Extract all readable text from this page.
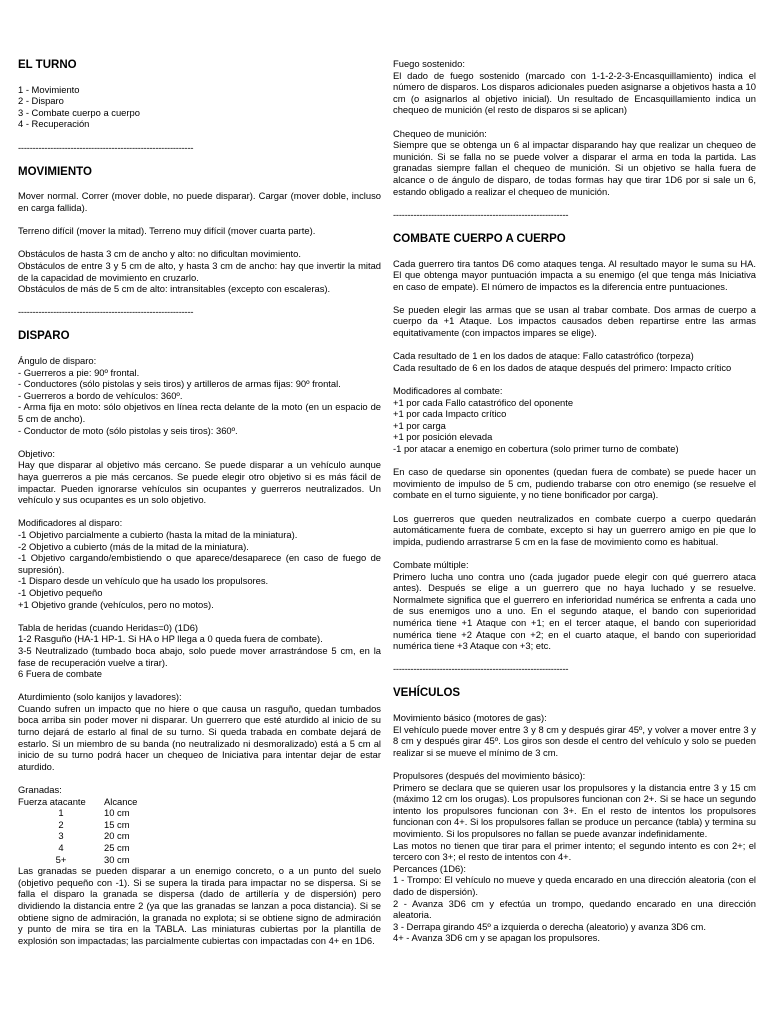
EL TURNO
1 - Movimiento
2 - Disparo
3 - Combate cuerpo a cuerpo
4 - Recuperación
------------------------------------------------------------
MOVIMIENTO

Mover normal. Correr (mover doble, no puede disparar). Cargar (mover doble, incluso en carga fallida).

Terreno difícil (mover la mitad). Terreno muy difícil (mover cuarta parte).

Obstáculos de hasta 3 cm de ancho y alto: no dificultan movimiento.

Obstáculos de entre 3 y 5 cm de alto, y hasta 3 cm de ancho: hay que invertir la mitad de la capacidad de movimiento en cruzarlo.

Obstáculos de más de 5 cm de alto: intransitables (excepto con escaleras).

------------------------------------------------------------
DISPARO

Ángulo de disparo:

- Guerreros a pie: 90º frontal.

- Conductores (sólo pistolas y seis tiros) y artilleros de armas fijas: 90º frontal.

- Guerreros a bordo de vehículos: 360º.

- Arma fija en moto: sólo objetivos en línea recta delante de la moto (en un espacio de 5 cm de ancho).

- Conductor de moto (sólo pistolas y seis tiros): 360º.

Objetivo:

Hay que disparar al objetivo más cercano. Se puede disparar a un vehículo aunque haya guerreros a pie más cercanos. Se puede elegir otro objetivo si es más fácil de impactar. Pueden ignorarse vehículos sin ocupantes y guerreros neutralizados. Un vehículo y sus ocupantes es un solo objetivo.

Modificadores al disparo:

-1 Objetivo parcialmente a cubierto (hasta la mitad de la miniatura).

-2 Objetivo a cubierto (más de la mitad de la miniatura).

-1 Objetivo cargando/embistiendo o que aparece/desaparece (en caso de fuego de supresión).

-1 Disparo desde un vehículo que ha usado los propulsores.

-1 Objetivo pequeño

+1 Objetivo grande (vehículos, pero no motos).

Tabla de heridas (cuando Heridas=0) (1D6)

1-2 Rasguño (HA-1 HP-1. Si HA o HP llega a 0 queda fuera de combate).

3-5 Neutralizado (tumbado boca abajo, solo puede mover arrastrándose 5 cm, en la fase de recuperación vuelve a tirar).

6 Fuera de combate

Aturdimiento (solo kanijos y lavadores):

Cuando sufren un impacto que no hiere o que causa un rasguño, quedan tumbados boca arriba sin poder mover ni disparar. Un guerrero que esté aturdido al inicio de su turno dejará de estarlo al final de su turno. Si queda trabada en combate dejará de estarlo. Si un miembro de su banda (no neutralizado ni desmoralizado) está a 5 cm al inicio de su turno podrá hacer un chequeo de Iniciativa para intentar dejar de estar aturdido.

Granadas:

Fuerza atacante	Alcance
1	10 cm
2	15 cm
3	20 cm
4	25 cm
5+	30 cm

Las granadas se pueden disparar a un enemigo concreto, o a un punto del suelo (objetivo pequeño con -1). Si se supera la tirada para impactar no se dispersa. Si se falla el disparo la granada se dispersa (dado de artillería y de dispersión) pero dividiendo la distancia entre 2 (ya que las granadas se lanzan a poca distancia). Si se obtiene signo de admiración, la granada no explota; si se obtiene signo de admiración y punto de mira se tira en la TABLA. Las miniaturas cubiertas por la plantilla de explosión son impactadas; las parcialmente cubiertas con impactadas con 4+ en 1D6.

Fuego sostenido:

El dado de fuego sostenido (marcado con 1-1-2-2-3-Encasquillamiento) indica el número de disparos. Los disparos adicionales pueden asignarse a objetivos hasta a 10 cm (o asignarlos al objetivo inicial). Un resultado de Encasquillamiento indica un chequeo de munición (el resto de disparos si se aplican)

Chequeo de munición:

Siempre que se obtenga un 6 al impactar disparando hay que realizar un chequeo de munición. Si se falla no se puede volver a disparar el arma en toda la partida. Las granadas siempre fallan el chequeo de munición. Si un objetivo se halla fuera de alcance o de ángulo de disparo, de todas formas hay que tirar 1D6 por si sale un 6, estando obligado a realizar el chequeo de munición.

------------------------------------------------------------
COMBATE CUERPO A CUERPO

Cada guerrero tira tantos D6 como ataques tenga. Al resultado mayor le suma su HA. El que obtenga mayor puntuación impacta a su enemigo (el que tenga más Iniciativa en caso de empate). El número de impactos es la diferencia entre puntuaciones.

Se pueden elegir las armas que se usan al trabar combate. Dos armas de cuerpo a cuerpo da +1 Ataque. Los impactos causados deben repartirse entre las armas equitativamente (con impactos impares se elige).

Cada resultado de 1 en los dados de ataque: Fallo catastrófico (torpeza)

Cada resultado de 6 en los dados de ataque después del primero: Impacto crítico

Modificadores al combate:

+1 por cada Fallo catastrófico del oponente

+1 por cada Impacto crítico

+1 por carga

+1 por posición elevada

-1 por atacar a enemigo en cobertura (solo primer turno de combate)

En caso de quedarse sin oponentes (quedan fuera de combate) se puede hacer un movimiento de impulso de 5 cm, pudiendo trabarse con otro enemigo (se resuelve el combate en el turno siguiente, y no tiene bonificador por carga).

Los guerreros que queden neutralizados en combate cuerpo a cuerpo quedarán automáticamente fuera de combate, excepto si hay un guerrero amigo en pie que lo impida, pudiendo arrastrarse 5 cm en la fase de movimiento como es habitual.

Combate múltiple:

Primero lucha uno contra uno (cada jugador puede elegir con qué guerrero ataca antes). Después se elige a un guerrero que no haya luchado y se resuelve. Normalmete significa que el guerrero en inferioridad numérica se enfrenta a cada uno de sus enemigos uno a uno. En el segundo ataque, el bando con superioridad numérica tiene +1 Ataque con +1; en el tercer ataque, el bando con superioridad numérica tiene +2 Ataque con +2; en el cuarto ataque, el bando con superioridad numérica tiene +3 Ataque con +3; etc.

------------------------------------------------------------
VEHÍCULOS

Movimiento básico (motores de gas):

El vehículo puede mover entre 3 y 8 cm y después girar 45º, y volver a mover entre 3 y 8 cm y después girar 45º. Los giros son desde el centro del vehículo y solo se pueden realizar si se mueve el mínimo de 3 cm.

Propulsores (después del movimiento básico):

Primero se declara que se quieren usar los propulsores y la distancia entre 3 y 15 cm (máximo 12 cm los orugas). Los propulsores funcionan con 2+. Si se hace un segundo intento los propulsores funcionan con 3+. En el resto de intentos los propulsores funcionan con 4+. Si los propulsores fallan se produce un percance (tabla) y termina su movimiento. Si los propulsores no fallan se puede avanzar indefinidamente.

Las motos no tienen que tirar para el primer intento; el segundo intento es con 2+; el tercero con 3+; el resto de intentos con 4+.

Percances (1D6):

1 - Trompo: El vehículo no mueve y queda encarado en una dirección aleatoria (con el dado de dispersión).

2 - Avanza 3D6 cm y efectúa un trompo, quedando encarado en una dirección aleatoria.

3 - Derrapa girando 45º a izquierda o derecha (aleatorio) y avanza 3D6 cm.

4+ - Avanza 3D6 cm y se apagan los propulsores.
